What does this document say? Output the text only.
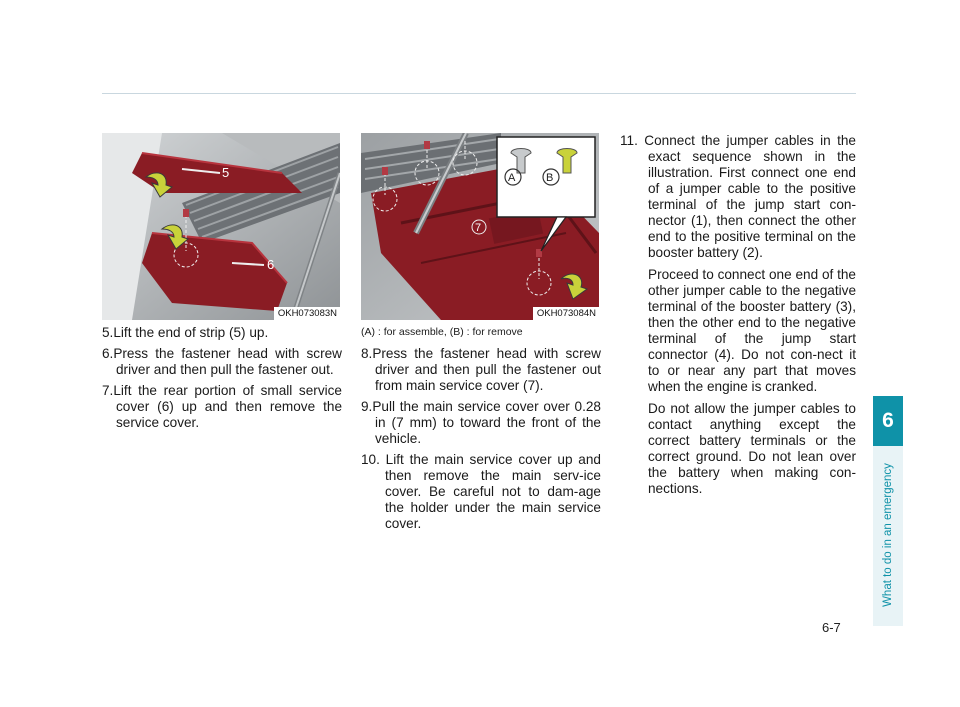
5
6
OKH073083N
A	B
7
OKH073084N

5.Lift the end of strip (5) up.

6.Press the fastener head with screw driver and then pull the fastener out.

7.Lift the rear portion of small service cover (6) up and then remove the service cover.

(A) : for assemble, (B) : for remove

8.Press the fastener head with screw driver and then pull the fastener out from main service cover (7).

9.Pull the main service cover over 0.28 in (7 mm) to toward the front of the vehicle.

10. Lift the main service cover up and then remove the main serv-ice cover. Be careful not to dam-age the holder under the main service cover.

11. Connect the jumper cables in the exact sequence shown in the illustration. First connect one end of a jumper cable to the positive terminal of the jump start con-nector (1), then connect the other end to the positive terminal on the booster battery (2).

Proceed to connect one end of the other jumper cable to the negative terminal of the booster battery (3), then the other end to the negative terminal of the jump start connector (4). Do not con-nect it to or near any part that moves when the engine is cranked.

Do not allow the jumper cables to contact anything except the correct battery terminals or the correct ground. Do not lean over the battery when making con-nections.

6
What to do in an emergency
6-7
